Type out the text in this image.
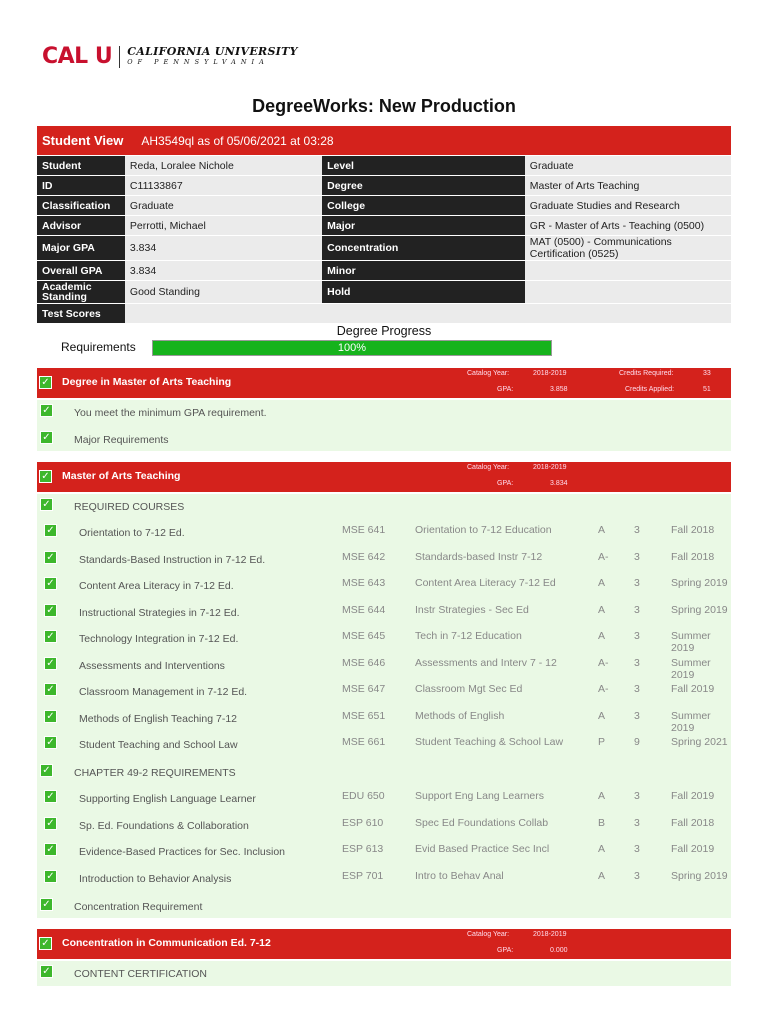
CAL U CALIFORNIA UNIVERSITY
OF PENNSYLVANIA
DegreeWorks: New Production
Student View AH3549ql as of 05/06/2021 at 03:28
Student	Reda, Loralee Nichole	Level	Graduate
ID	C11133867	Degree	Master of Arts Teaching
Classification	Graduate	College	Graduate Studies and Research
Advisor	Perrotti, Michael	Major	GR - Master of Arts - Teaching (0500)
Major GPA	3.834	Concentration	MAT (0500) - Communications Certification (0525)
Overall GPA	3.834	Minor	
Academic
Standing	Good Standing	Hold	
Test Scores			
Degree Progress
Requirements	100%
✓ Degree in Master of Arts Teaching
Catalog Year:	2018-2019
GPA:	3.858
Credits Required:	33
Credits Applied:	51
✓ You meet the minimum GPA requirement.
✓ Major Requirements
✓ Master of Arts Teaching
Catalog Year:	2018-2019
GPA:	3.834
✓ REQUIRED COURSES
✓ Orientation to 7-12 Ed.	MSE 641	Orientation to 7-12 Education	A	3	Fall 2018
✓ Standards-Based Instruction in 7-12 Ed.	MSE 642	Standards-based Instr 7-12	A- 3	Fall 2018
✓ Content Area Literacy in 7-12 Ed.	MSE 643	Content Area Literacy 7-12 Ed	A	3	Spring 2019
✓ Instructional Strategies in 7-12 Ed.	MSE 644	Instr Strategies - Sec Ed	A	3	Spring 2019
✓ Technology Integration in 7-12 Ed.	MSE 645	Tech in 7-12 Education	A	3	Summer 2019
✓ Assessments and Interventions	MSE 646	Assessments and Interv 7 - 12	A- 3	Summer 2019
✓ Classroom Management in 7-12 Ed.	MSE 647	Classroom Mgt Sec Ed	A- 3	Fall 2019
✓ Methods of English Teaching 7-12	MSE 651	Methods of English	A	3	Summer 2019
✓ Student Teaching and School Law	MSE 661	Student Teaching & School Law	P	9	Spring 2021
✓ CHAPTER 49-2 REQUIREMENTS
✓ Supporting English Language Learner	EDU 650	Support Eng Lang Learners	A	3	Fall 2019
✓ Sp. Ed. Foundations & Collaboration	ESP 610	Spec Ed Foundations Collab	B	3	Fall 2018
✓ Evidence-Based Practices for Sec. Inclusion	ESP 613	Evid Based Practice Sec Incl	A	3	Fall 2019
✓ Introduction to Behavior Analysis	ESP 701	Intro to Behav Anal	A	3	Spring 2019
✓ Concentration Requirement
✓ Concentration in Communication Ed. 7-12
Catalog Year:	2018-2019
GPA:	0.000
✓ CONTENT CERTIFICATION
